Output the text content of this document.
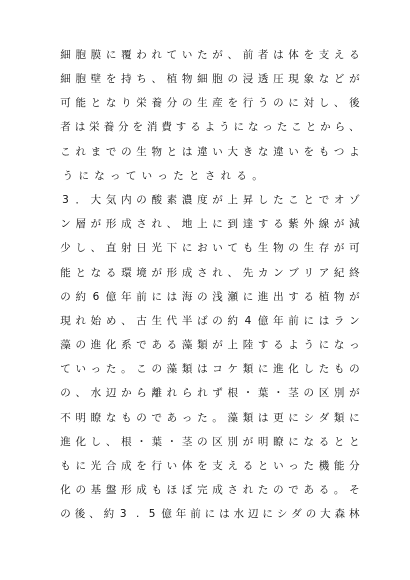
細 胞 膜 に 覆 わ れ て い た が 、 前 者 は 体 を 支 え る
細 胞 壁 を 持 ち 、 植 物 細 胞 の 浸 透 圧 現 象 な ど が
可 能 と な り 栄 養 分 の 生 産 を 行 う の に 対 し 、 後
者 は 栄 養 分 を 消 費 す る よ う に な っ た こ と か ら 、
こ れ ま で の 生 物 と は 違 い 大 き な 違 い を も つ よ
う に な っ て い っ た と さ れ る 。
3 ． 大 気 内 の 酸 素 濃 度 が 上 昇 し た こ と で オ ゾ
ン 層 が 形 成 さ れ 、 地 上 に 到 達 す る 紫 外 線 が 減
少 し 、 直 射 日 光 下 に お い て も 生 物 の 生 存 が 可
能 と な る 環 境 が 形 成 さ れ 、 先 カ ン ブ リ ア 紀 終
の 約 6 億 年 前 に は 海 の 浅 瀬 に 進 出 す る 植 物 が
現 れ 始 め 、 古 生 代 半 ば の 約 4 億 年 前 に は ラ ン
藻 の 進 化 系 で あ る 藻 類 が 上 陸 す る よ う に な っ
て い っ た 。 こ の 藻 類 は コ ケ 類 に 進 化 し た も の
の 、 水 辺 か ら 離 れ ら れ ず 根 ・ 葉 ・ 茎 の 区 別 が
不 明 瞭 な も の で あ っ た 。 藻 類 は 更 に シ ダ 類 に
進 化 し 、 根 ・ 葉 ・ 茎 の 区 別 が 明 瞭 に な る と と
も に 光 合 成 を 行 い 体 を 支 え る と い っ た 機 能 分
化 の 基 盤 形 成 も ほ ぼ 完 成 さ れ た の で あ る 。 そ
の 後 、 約 3 . 5 億 年 前 に は 水 辺 に シ ダ の 大 森 林
